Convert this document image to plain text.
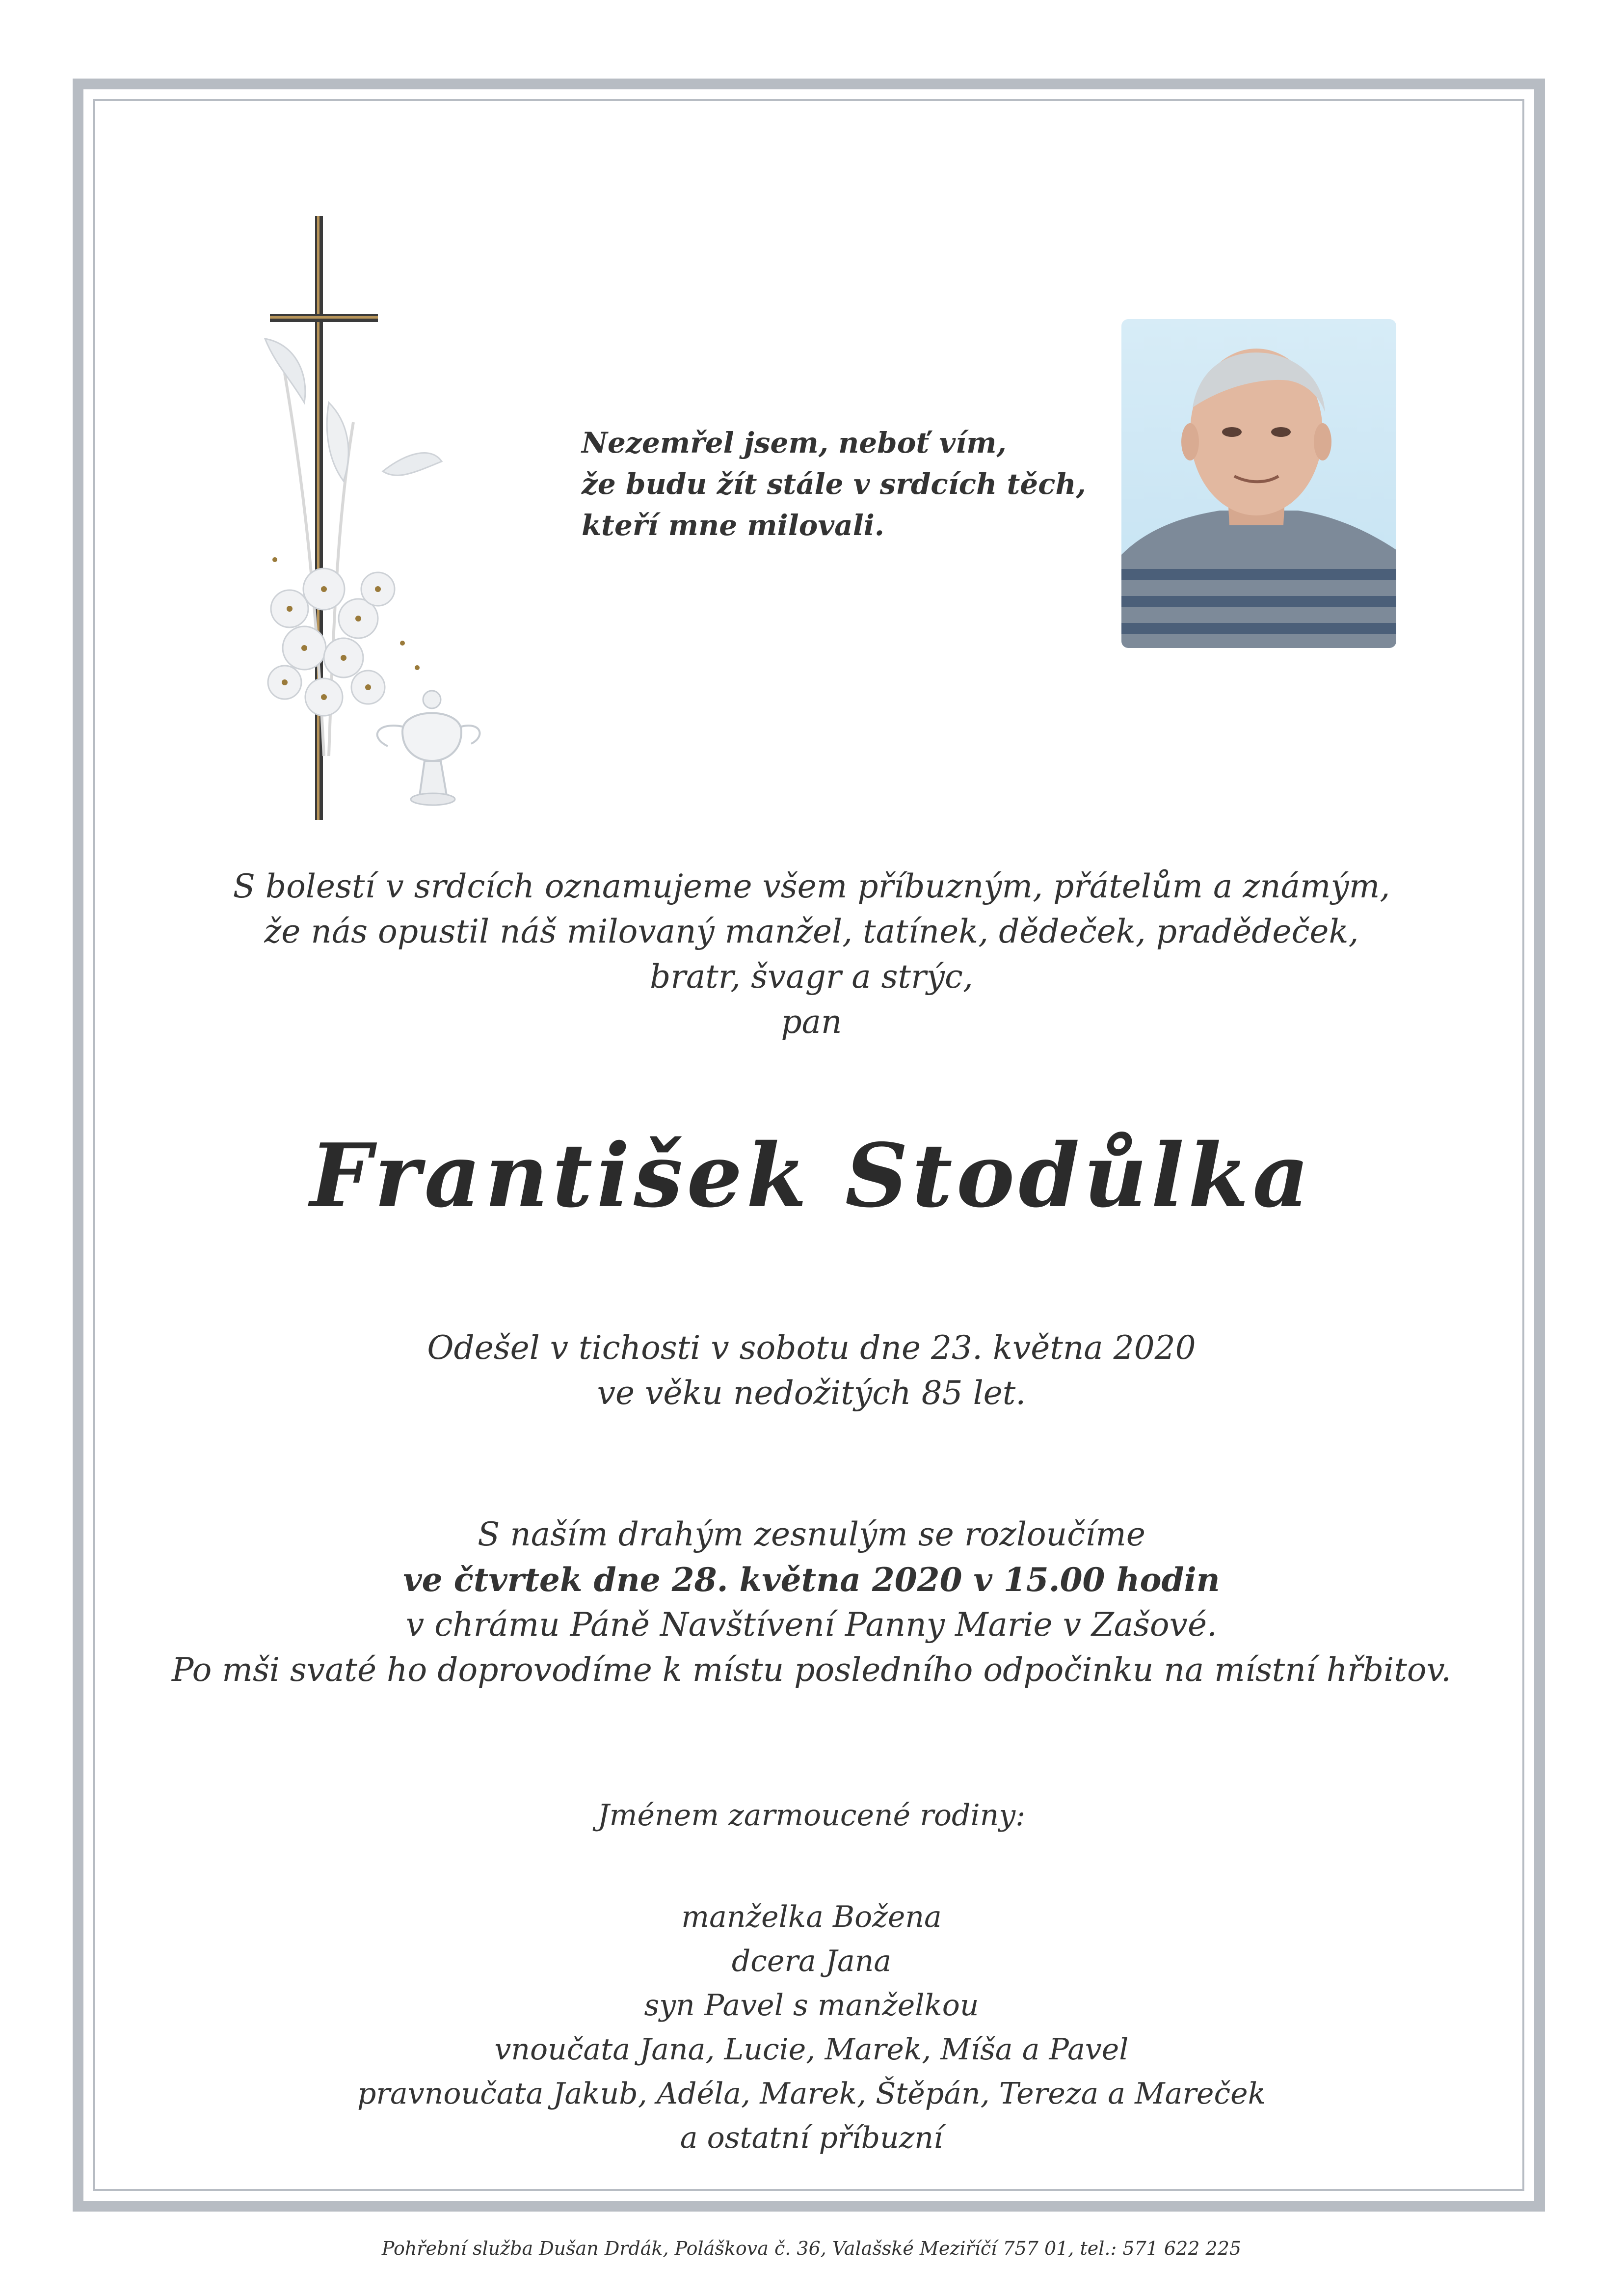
Nezemřel jsem, neboť vím,
že budu žít stále v srdcích těch,
kteří mne milovali.
S bolestí v srdcích oznamujeme všem příbuzným, přátelům a známým,
že nás opustil náš milovaný manžel, tatínek, dědeček, pradědeček,
bratr, švagr a strýc,
pan
František Stodůlka
Odešel v tichosti v sobotu dne 23. května 2020
ve věku nedožitých 85 let.
S naším drahým zesnulým se rozloučíme
ve čtvrtek dne 28. května 2020 v 15.00 hodin
v chrámu Páně Navštívení Panny Marie v Zašové.
Po mši svaté ho doprovodíme k místu posledního odpočinku na místní hřbitov.
Jménem zarmoucené rodiny:
manželka Božena
dcera Jana
syn Pavel s manželkou
vnoučata Jana, Lucie, Marek, Míša a Pavel
pravnoučata Jakub, Adéla, Marek, Štěpán, Tereza a Mareček
a ostatní příbuzní
Pohřební služba Dušan Drdák, Poláškova č. 36, Valašské Meziříčí 757 01, tel.: 571 622 225
